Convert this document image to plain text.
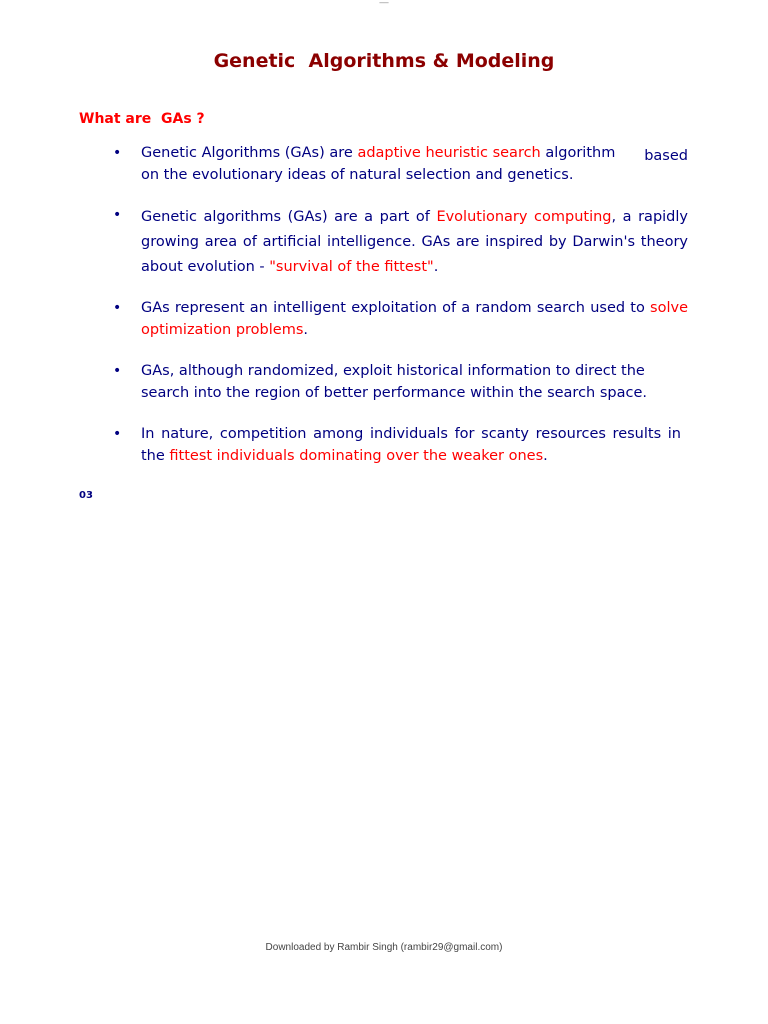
Genetic  Algorithms & Modeling
What are  GAs ?
• Genetic Algorithms (GAs) are adaptive heuristic search algorithm based

on the evolutionary ideas of natural selection and genetics.
• Genetic algorithms (GAs) are a part of Evolutionary computing, a rapidly growing area of artificial intelligence. GAs are inspired by Darwin's theory about evolution - "survival of the fittest".
• GAs represent an intelligent exploitation of a random search used to solve optimization problems.
• GAs, although randomized, exploit historical information to direct the search into the region of better performance within the search space.
• In nature, competition among individuals for scanty resources results in the fittest individuals dominating over the weaker ones.
03
Downloaded by Rambir Singh (rambir29@gmail.com)
